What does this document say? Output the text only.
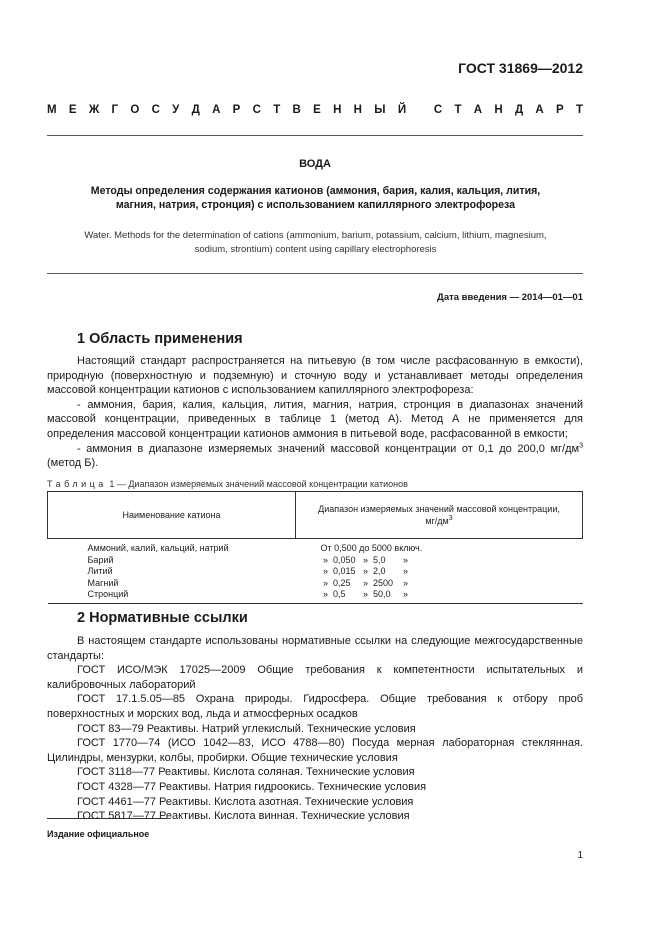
ГОСТ 31869—2012
М Е Ж Г О С У Д А Р С Т В Е Н Н Ы Й
С Т А Н Д А Р Т
ВОДА
Методы определения содержания катионов (аммония, бария, калия, кальция, лития,
магния, натрия, стронция) с использованием капиллярного электрофореза
Water. Methods for the determination of cations (ammonium, barium, potassium, calcium, lithium, magnesium,
sodium, strontium) content using capillary electrophoresis
Дата введения — 2014—01—01
1 Область применения

Настоящий стандарт распространяется на питьевую (в том числе расфасованную в емкости), природную (поверхностную и подземную) и сточную воду и устанавливает методы определения массовой концентрации катионов с использованием капиллярного электрофореза:

- аммония, бария, калия, кальция, лития, магния, натрия, стронция в диапазонах значений массовой концентрации, приведенных в таблице 1 (метод А). Метод А не применяется для определения массовой концентрации катионов аммония в питьевой воде, расфасованной в емкости;

- аммония в диапазоне измеряемых значений массовой концентрации от 0,1 до 200,0 $мг/дм^3$ (метод Б).

Таблица 1 — Диапазон измеряемых значений массовой концентрации катионов
Наименование катиона	Диапазон измеряемых значений массовой концентрации,
$мг/дм^3$

Аммоний, калий, кальций, натрий	От 0,500 до 5000 включ.
Барий	»  0,050   »  5,0       »
Литий	»  0,015   »  2,0       »
Магний	»  0,25     »  2500    »
Стронций	»  0,5       »  50,0     »
2 Нормативные ссылки

В настоящем стандарте использованы нормативные ссылки на следующие межгосударственные стандарты:

ГОСТ ИСО/МЭК 17025—2009 Общие требования к компетентности испытательных и калибровочных лабораторий

ГОСТ 17.1.5.05—85 Охрана природы. Гидросфера. Общие требования к отбору проб поверхностных и морских вод, льда и атмосферных осадков

ГОСТ 83—79 Реактивы. Натрий углекислый. Технические условия

ГОСТ 1770—74 (ИСО 1042—83, ИСО 4788—80) Посуда мерная лабораторная стеклянная. Цилиндры, мензурки, колбы, пробирки. Общие технические условия

ГОСТ 3118—77 Реактивы. Кислота соляная. Технические условия

ГОСТ 4328—77 Реактивы. Натрия гидроокись. Технические условия

ГОСТ 4461—77 Реактивы. Кислота азотная. Технические условия

ГОСТ 5817—77 Реактивы. Кислота винная. Технические условия

Издание официальное
1
